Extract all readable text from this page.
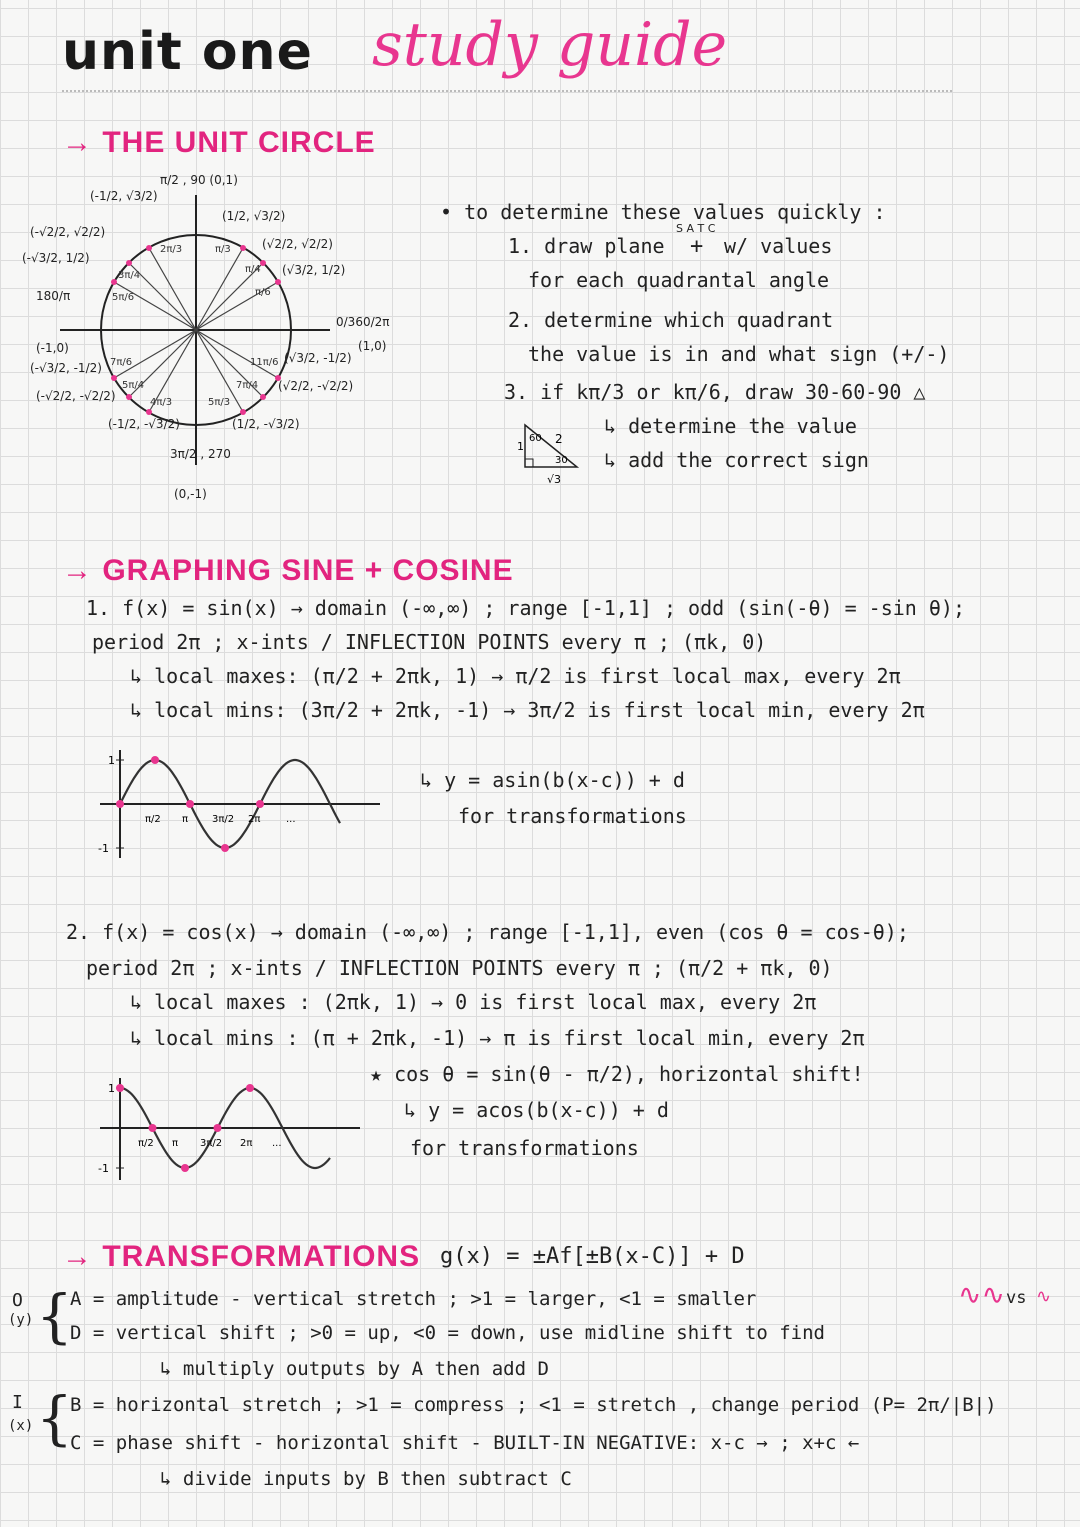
unit one study guide
→ THE UNIT CIRCLE
2π/3	π/3
π/4
π/6
3π/4
5π/6
7π/6
5π/4
4π/3	5π/3
7π/4
11π/6
π/2 , 90 (0,1)
(-1/2, √3/2)
(1/2, √3/2)
(-√2/2, √2/2)
(√2/2, √2/2)
(-√3/2, 1/2)
(√3/2, 1/2)
180/π
0/360/2π
(-1,0)	(1,0)
(-√3/2, -1/2)
(√3/2, -1/2)
(-√2/2, -√2/2)
(√2/2, -√2/2)
(-1/2, -√3/2)	(1/2, -√3/2)
3π/2 , 270
(0,-1)
• to determine these values quickly :
1. draw plane
S A T C
+ w/ values
for each quadrantal angle
2. determine which quadrant
the value is in and what sign (+/-)
3. if kπ/3 or kπ/6, draw 30-60-90 △
↳ determine the value
↳ add the correct sign
60
30
2
1
√3
→ GRAPHING SINE + COSINE
1. f(x) = sin(x) → domain (-∞,∞) ; range [-1,1] ; odd (sin(-θ) = -sin θ);
period 2π ; x-ints / INFLECTION POINTS every π ; (πk, 0)
↳ local maxes: (π/2 + 2πk, 1) → π/2 is first local max, every 2π
↳ local mins: (3π/2 + 2πk, -1) → 3π/2 is first local min, every 2π
↳ y = asin(b(x-c)) + d
for transformations
1
-1
π/2 π 3π/2 2π	...
2. f(x) = cos(x) → domain (-∞,∞) ; range [-1,1], even (cos θ = cos-θ);
period 2π ; x-ints / INFLECTION POINTS every π ; (π/2 + πk, 0)
↳ local maxes : (2πk, 1) → 0 is first local max, every 2π
↳ local mins : (π + 2πk, -1) → π is first local min, every 2π
★ cos θ = sin(θ - π/2), horizontal shift!
↳ y = acos(b(x-c)) + d
for transformations
1
-1
π/2 π 3π/2 2π ...
→ TRANSFORMATIONS g(x) = ±Af[±B(x-C)] + D
O
(y) {
A = amplitude - vertical stretch ; >1 = larger, <1 = smaller	vs
∿∿ ∿
D = vertical shift ; >0 = up, <0 = down, use midline shift to find
↳ multiply outputs by A then add D
I
(x) {
B = horizontal stretch ; >1 = compress ; <1 = stretch , change period (P= 2π/|B|)
C = phase shift - horizontal shift - BUILT-IN NEGATIVE: x-c → ; x+c ←
↳ divide inputs by B then subtract C
